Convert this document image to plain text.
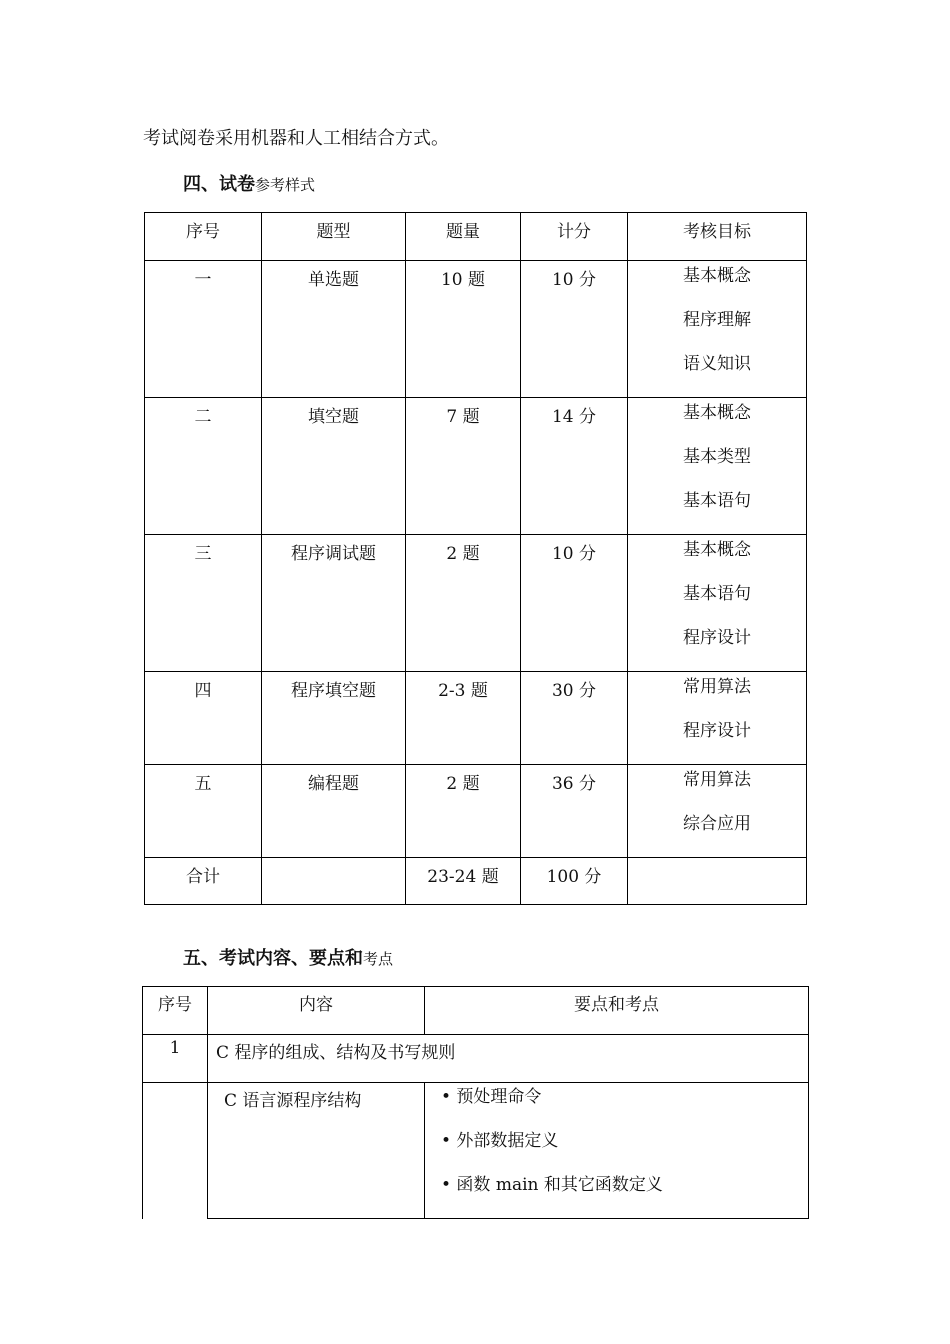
考试阅卷采用机器和人工相结合方式。
四、试卷参考样式
序号	题型	题量	计分	考核目标
一	单选题	10 题	10 分	基本概念
程序理解
语义知识

二	填空题	7 题	14 分	基本概念
基本类型
基本语句

三	程序调试题	2 题	10 分	基本概念
基本语句
程序设计

四	程序填空题	2-3 题	30 分	常用算法
程序设计

五	编程题	2 题	36 分	常用算法
综合应用

合计		23-24 题	100 分	
五、考试内容、要点和考点
序号	内容	要点和考点
1	C 程序的组成、结构及书写规则	
	C 语言源程序结构	• 预处理命令
• 外部数据定义
• 函数 main 和其它函数定义
